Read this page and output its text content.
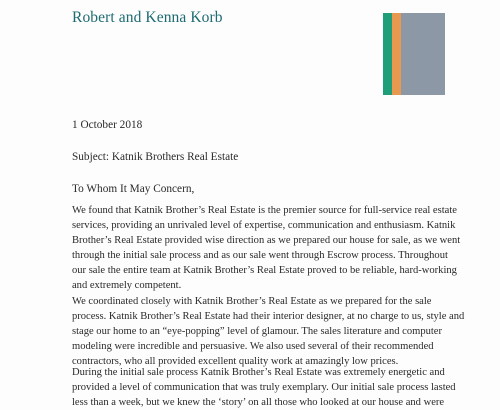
Robert and Kenna Korb
1 October 2018
Subject: Katnik Brothers Real Estate
To Whom It May Concern,

We found that Katnik Brother’s Real Estate is the premier source for full-service real estate
services, providing an unrivaled level of expertise, communication and enthusiasm. Katnik
Brother’s Real Estate provided wise direction as we prepared our house for sale, as we went
through the initial sale process and as our sale went through Escrow process. Throughout
our sale the entire team at Katnik Brother’s Real Estate proved to be reliable, hard-working
and extremely competent.

We coordinated closely with Katnik Brother’s Real Estate as we prepared for the sale
process. Katnik Brother’s Real Estate had their interior designer, at no charge to us, style and
stage our home to an “eye-popping” level of glamour. The sales literature and computer
modeling were incredible and persuasive. We also used several of their recommended
contractors, who all provided excellent quality work at amazingly low prices.

During the initial sale process Katnik Brother’s Real Estate was extremely energetic and
provided a level of communication that was truly exemplary. Our initial sale process lasted
less than a week, but we knew the ‘story’ on all those who looked at our house and were
